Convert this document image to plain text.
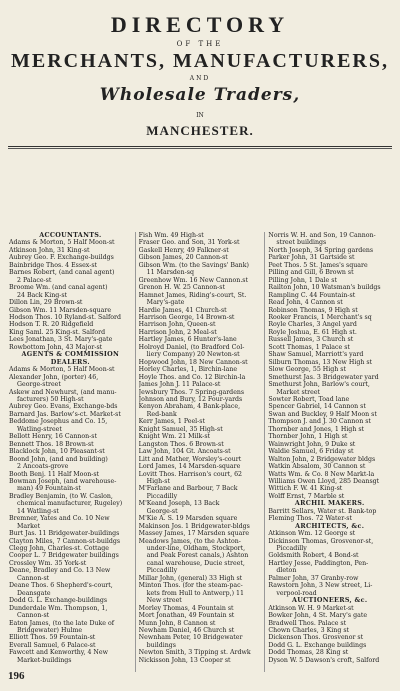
DIRECTORY
OF THE
MERCHANTS, MANUFACTURERS,
AND
Wholesale Traders,
IN
MANCHESTER.
ACCOUNTANTS.
Adams & Morton, 5 Half Moon-st
Atkinson John, 31 King-st
Aubrey Geo. F. Exchange-buildgs
Bainbridge Thos. 4 Essex-st
Barnes Robert, (and canal agent)
2 Palace-st
Broome Wm. (and canal agent)
24 Back King-st
Dillon Lin, 29 Brown-st
Gibson Wm. 11 Marsden-square
Hodson Thos. 10 Ryland-st. Salford
Hodson T. R. 20 Ridgefield
King Saml. 25 King-st. Salford
Lees Jonathan, 3 St. Mary's-gate
Rowbottom John, 43 Major-st
AGENTS & COMMISSION
DEALERS.
Adams & Morton, 5 Half Moon-st
Alexander John, (porter) 46,
George-street
Askew and Newhurst, (and manu-
facturers) 50 High-st
Aubrey Geo. Evans, Exchange-bds
Barnard Jas. Barlow's-ct. Market-st
Beddome Josephus and Co. 15,
Watling-street
Bellott Henry, 16 Cannon-st
Bennett Thos. 18 Brown-st
Blacklock John, 10 Pleasant-st
Boond John, (and and building)
2 Ancoats-grove
Booth Benj. 11 Half Moon-st
Bowman Joseph, (and warehouse-
man) 49 Fountain-st
Bradley Benjamin, (to W. Caslon,
chemical manufacturer, Rugeley)
14 Watling-st
Bremner, Yates and Co. 10 New
Market
Burt Jas. 11 Bridgewater-buildings
Clayton Miles, 7 Cannon-st-buildgs
Clegg John, Charles-st. Cottage
Cooper L. 7 Bridgewater buildings
Crossley Wm. 35 York-st
Deane, Bradley and Co. 13 New
Cannon-st
Deane Thos. 6 Shepherd's-court,
Deansgate
Dodd G. L. Exchange-buildings
Dunderdale Wm. Thompson, 1,
Cannon-st
Eaton James, (to the late Duke of
Bridgewater) Hulme
Elliott Thos. 59 Fountain-st
Everall Samuel, 6 Palace-st
Fawcett and Kenworthy, 4 New
Market-buildings
Fish Wm. 49 High-st
Fraser Geo. and Son, 31 York-st
Gaskell Henry, 49 Falkner-st
Gibson James, 20 Cannon-st
Gibson Wm. (to the Savings' Bank)
11 Marsden-sq
Greenhow Wm. 16 New Cannon.st
Grenon H. W. 25 Cannon-st
Hamnet James, Riding's-court, St.
Mary's-gate
Hardie James, 41 Church-st
Harrison George, 14 Brown-st
Harrison John, Queen-st
Harrison John, 2 Meal-st
Hartley James, 6 Hunter's-lane
Holroyd Daniel, (to Bradford Col-
liery Company) 20 Newton-st
Hopwood John, 18 New Cannon-st
Horley Charles, 1, Birchin-lane
Hoyle Thos. and Co. 12 Birchin-la
James John J. 11 Palace-st
Jewsbury Thos. 7 Spring-gardens
Johnson and Bury, 12 Four-yards
Kenyon Abraham, 4 Bank-place,
Red-bank
Kerr James, 1 Peel-st
Knight Samuel, 35 High-st
Knight Wm. 21 Milk-st
Langston Thos. 6 Brown-st
Law John, 104 Gt. Ancoats-st
Litt and Mather, Worsley's-court
Lord James, 14 Marsden-square
Lovitt Thos. Harrison's court, 62
High-st
M'Farlane and Barbour, 7 Back
Piccadilly
M'Keand Joseph, 13 Back
George-st
M'Kie A. S. 19 Marsden square
Makinson Jos. 1 Bridgewater-bldgs
Massey James, 17 Marsden square
Meadows James, (to the Ashton-
under-line, Oldham, Stockport,
and Peak Forest canals,) Ashton
canal warehouse, Ducie street,
Piccadilly
Millar John, (general) 33 High st
Minton Thos. (for the steam-pac-
kets from Hull to Antwerp,) 11
New street
Morley Thomas, 4 Fountain st
Mort Jonathan, 49 Fountain st
Munn John, 8 Cannon st
Newham Daniel, 46 Church st
Newnham Peter, 10 Bridgewater
buildings
Newton Smith, 3 Tipping st. Ardwk
Nickisson John, 13 Cooper st
Norris W. H. and Son, 19 Cannon-
street buildings
North Joseph, 34 Spring gardens
Parker John, 31 Gartside st
Peet Thos. 5 St. James's square
Pilling and Gill, 6 Brown st
Pilling John, 1 Dale st
Railton John, 10 Watsman's buildgs
Rampling C. 44 Fountain-st
Read John, 4 Cannon st
Robinson Thomas, 9 High st
Rooker Francis, 1 Merchant's sq
Royle Charles, 3 Angel yard
Royle Joshua, E. 61 High st.
Russell James, 3 Church st
Scott Thomas, 1 Palace st
Shaw Samuel, Marriott's yard
Silburn Thomas, 13 New High st
Slow George, 55 High st
Smethurst Jas. 3 Bridgewater yard
Smethurst John, Barlow's court,
Market street
Sowter Robert, Toad lane
Spencer Gabriel, 14 Cannon st
Swan and Buckley, 9 Half Moon st
Thompson J. and J. 30 Cannon st
Thornber and Jones, 1 High st
Thornber John, 1 High st
Wainwright John, 9 Duke st
Waldie Samuel, 6 Friday st
Walton John, 2 Bridgewater bldgs
Watkin Absalom, 30 Cannon st
Watts Wm. & Co. 8 New Markt-la
Williams Owen Lloyd, 285 Deansgt
Wittich F. W. 41 King-st
Wolff Ernst, 7 Marble st
ARCHIL MAKERS.
Barritt Sellars, Water st. Bank-top
Fleming Thos. 72 Water-st
ARCHITECTS, &c.
Atkinson Wm. 12 George st
Dickinson Thomas, Grosvenor-st,
Piccadilly
Goldsmith Robert, 4 Bond-st
Hartley Jesse, Paddington, Pen-
dleton
Palmer John, 37 Granby-row
Rawstorn John, 3 New street, Li-
verpool-road
AUCTIONEERS, &c.
Atkinson W. H. 9 Market-st
Bowker John, 4 St. Mary's gate
Bradwell Thos. Palace st
Chown Charles, 3 King st
Dickenson Thos. Grosvenor st
Dodd G. L. Exchange buildings
Dodd Thomas, 28 King st
Dyson W. 5 Dawson's croft, Salford
196
